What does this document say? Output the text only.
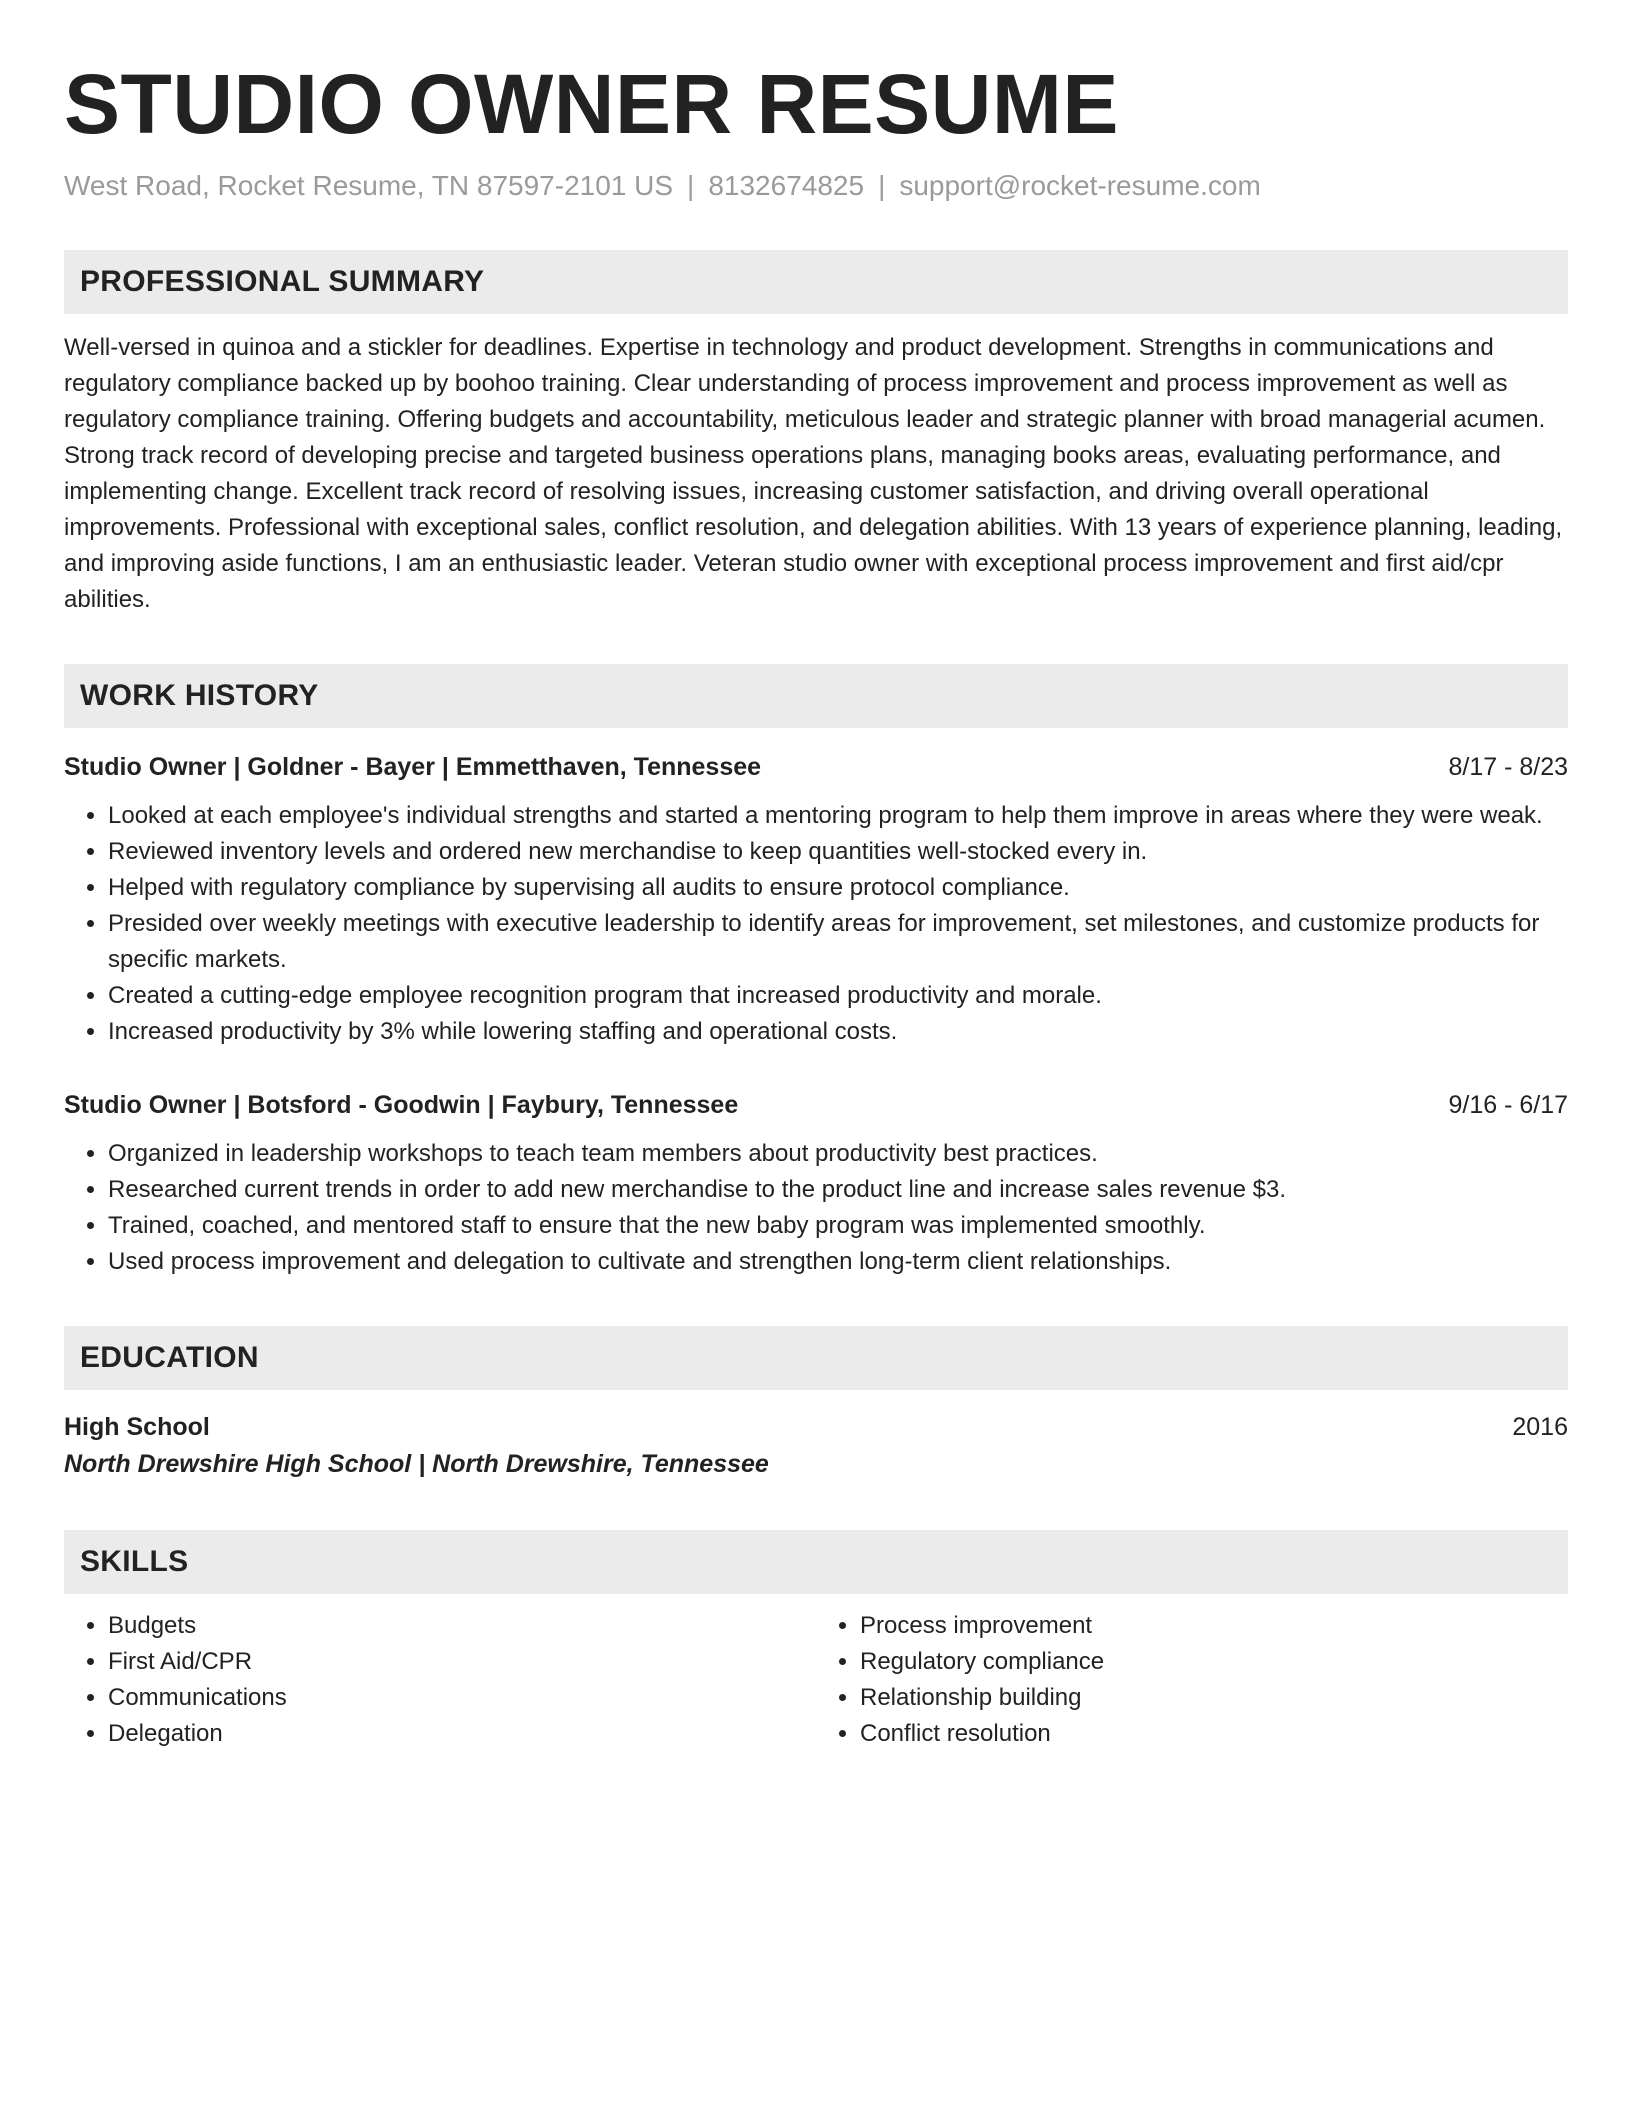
STUDIO OWNER RESUME
West Road, Rocket Resume, TN 87597-2101 US | 8132674825 | support@rocket-resume.com
PROFESSIONAL SUMMARY
Well-versed in quinoa and a stickler for deadlines. Expertise in technology and product development. Strengths in communications and regulatory compliance backed up by boohoo training. Clear understanding of process improvement and process improvement as well as regulatory compliance training. Offering budgets and accountability, meticulous leader and strategic planner with broad managerial acumen. Strong track record of developing precise and targeted business operations plans, managing books areas, evaluating performance, and implementing change. Excellent track record of resolving issues, increasing customer satisfaction, and driving overall operational improvements. Professional with exceptional sales, conflict resolution, and delegation abilities. With 13 years of experience planning, leading, and improving aside functions, I am an enthusiastic leader. Veteran studio owner with exceptional process improvement and first aid/cpr abilities.
WORK HISTORY
Studio Owner | Goldner - Bayer | Emmetthaven, Tennessee	8/17 - 8/23
• Looked at each employee's individual strengths and started a mentoring program to help them improve in areas where they were weak.
• Reviewed inventory levels and ordered new merchandise to keep quantities well-stocked every in.
• Helped with regulatory compliance by supervising all audits to ensure protocol compliance.
• Presided over weekly meetings with executive leadership to identify areas for improvement, set milestones, and customize products for specific markets.
• Created a cutting-edge employee recognition program that increased productivity and morale.
• Increased productivity by 3% while lowering staffing and operational costs.
Studio Owner | Botsford - Goodwin | Faybury, Tennessee	9/16 - 6/17
• Organized in leadership workshops to teach team members about productivity best practices.
• Researched current trends in order to add new merchandise to the product line and increase sales revenue $3.
• Trained, coached, and mentored staff to ensure that the new baby program was implemented smoothly.
• Used process improvement and delegation to cultivate and strengthen long-term client relationships.
EDUCATION
High School	2016
North Drewshire High School | North Drewshire, Tennessee
SKILLS
• Budgets
• First Aid/CPR
• Communications
• Delegation
• Process improvement
• Regulatory compliance
• Relationship building
• Conflict resolution
